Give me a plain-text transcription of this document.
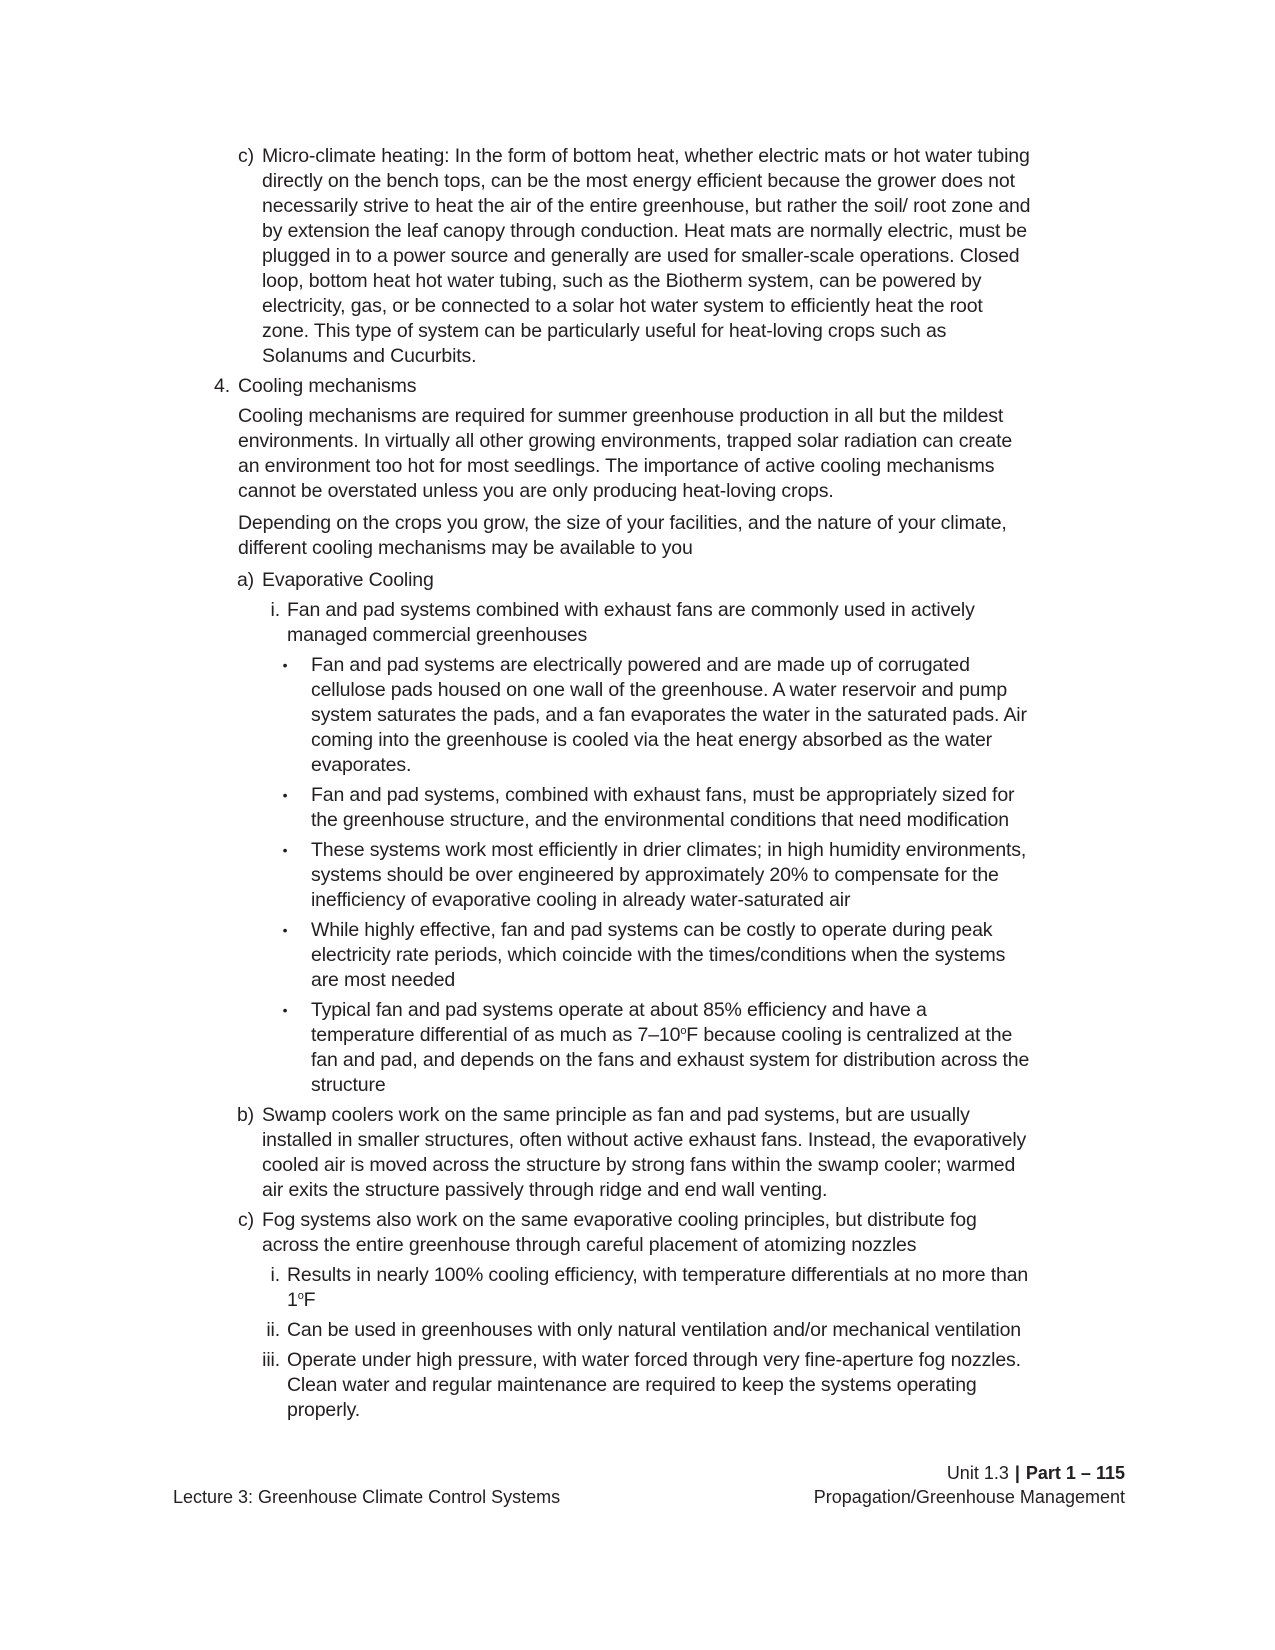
c) Micro-climate heating: In the form of bottom heat, whether electric mats or hot water tubing directly on the bench tops, can be the most energy efficient because the grower does not necessarily strive to heat the air of the entire greenhouse, but rather the soil/ root zone and by extension the leaf canopy through conduction. Heat mats are normally electric, must be plugged in to a power source and generally are used for smaller-scale operations. Closed loop, bottom heat hot water tubing, such as the Biotherm system, can be powered by electricity, gas, or be connected to a solar hot water system to efficiently heat the root zone. This type of system can be particularly useful for heat-loving crops such as Solanums and Cucurbits.
4. Cooling mechanisms
Cooling mechanisms are required for summer greenhouse production in all but the mildest environments. In virtually all other growing environments, trapped solar radiation can create an environment too hot for most seedlings. The importance of active cooling mechanisms cannot be overstated unless you are only producing heat-loving crops.
Depending on the crops you grow, the size of your facilities, and the nature of your climate, different cooling mechanisms may be available to you
a) Evaporative Cooling
i. Fan and pad systems combined with exhaust fans are commonly used in actively managed commercial greenhouses
• Fan and pad systems are electrically powered and are made up of corrugated cellulose pads housed on one wall of the greenhouse. A water reservoir and pump system saturates the pads, and a fan evaporates the water in the saturated pads. Air coming into the greenhouse is cooled via the heat energy absorbed as the water evaporates.
• Fan and pad systems, combined with exhaust fans, must be appropriately sized for the greenhouse structure, and the environmental conditions that need modification
• These systems work most efficiently in drier climates; in high humidity environments, systems should be over engineered by approximately 20% to compensate for the inefficiency of evaporative cooling in already water-saturated air
• While highly effective, fan and pad systems can be costly to operate during peak electricity rate periods, which coincide with the times/conditions when the systems are most needed
• Typical fan and pad systems operate at about 85% efficiency and have a temperature differential of as much as 7–10$^o$F because cooling is centralized at the fan and pad, and depends on the fans and exhaust system for distribution across the structure
b) Swamp coolers work on the same principle as fan and pad systems, but are usually installed in smaller structures, often without active exhaust fans. Instead, the evaporatively cooled air is moved across the structure by strong fans within the swamp cooler; warmed air exits the structure passively through ridge and end wall venting.
c) Fog systems also work on the same evaporative cooling principles, but distribute fog across the entire greenhouse through careful placement of atomizing nozzles
i. Results in nearly 100% cooling efficiency, with temperature differentials at no more than 1$^o$F
ii. Can be used in greenhouses with only natural ventilation and/or mechanical ventilation
iii. Operate under high pressure, with water forced through very fine-aperture fog nozzles. Clean water and regular maintenance are required to keep the systems operating properly.
Unit 1.3 | Part 1 – 115
Lecture 3: Greenhouse Climate Control Systems	Propagation/Greenhouse Management
